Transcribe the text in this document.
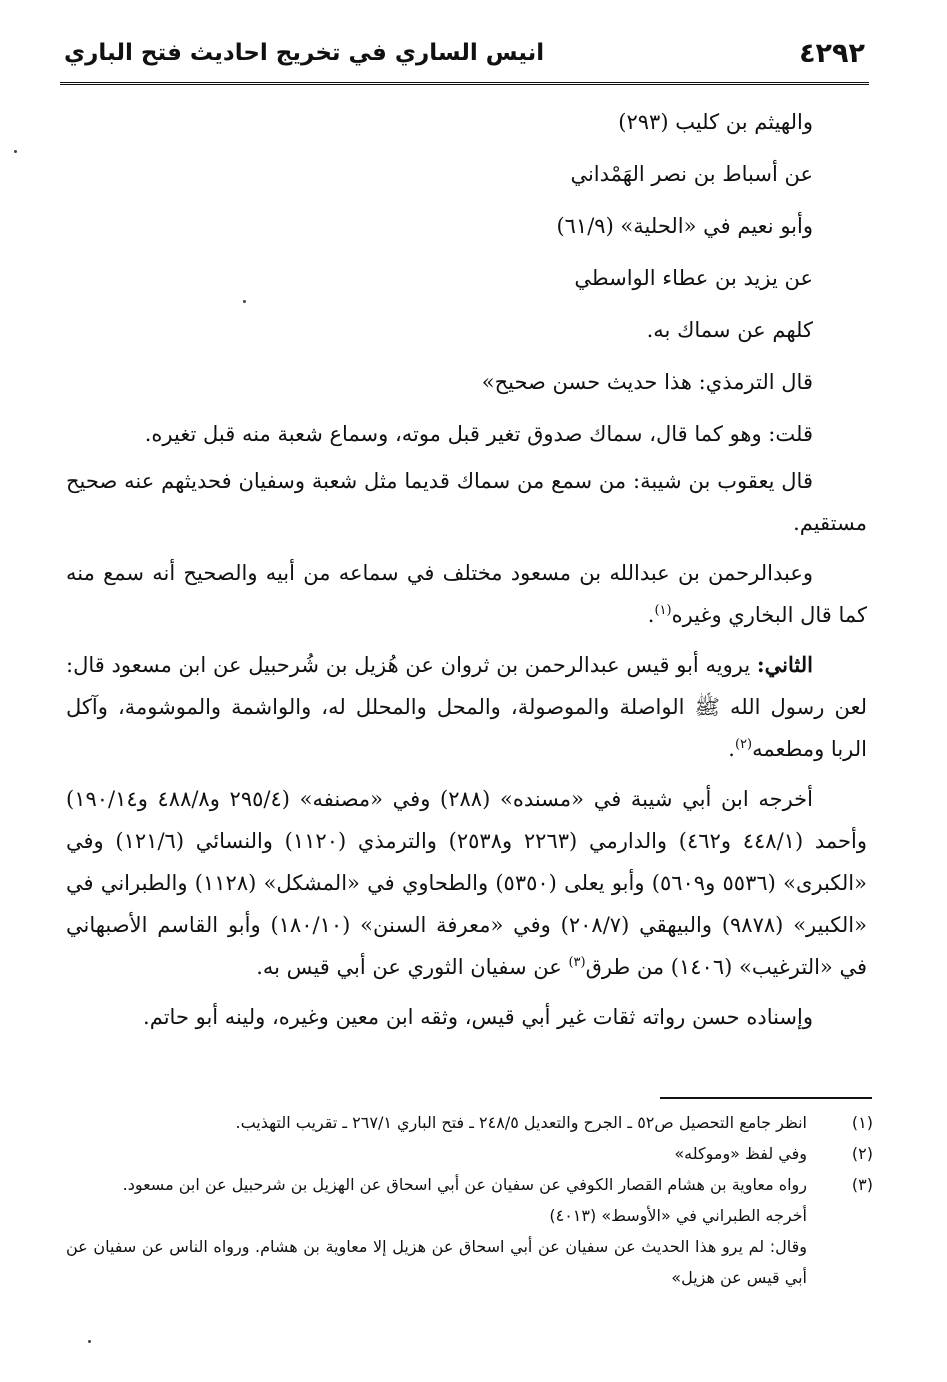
٤٢٩٢
انيس الساري في تخريج احاديث فتح الباري
والهيثم بن كليب (٢٩٣)
عن أسباط بن نصر الهَمْداني
وأبو نعيم في «الحلية» (٦١/٩)
عن يزيد بن عطاء الواسطي
كلهم عن سماك به.
قال الترمذي: هذا حديث حسن صحيح»
قلت: وهو كما قال، سماك صدوق تغير قبل موته، وسماع شعبة منه قبل تغيره.

قال يعقوب بن شيبة: من سمع من سماك قديما مثل شعبة وسفيان فحديثهم عنه صحيح مستقيم.

وعبدالرحمن بن عبدالله بن مسعود مختلف في سماعه من أبيه والصحيح أنه سمع منه كما قال البخاري وغيره$^{(١)}$.

الثاني: يرويه أبو قيس عبدالرحمن بن ثروان عن هُزيل بن شُرحبيل عن ابن مسعود قال: لعن رسول الله ﷺ الواصلة والموصولة، والمحل والمحلل له، والواشمة والموشومة، وآكل الربا ومطعمه$^{(٢)}$.

أخرجه ابن أبي شيبة في «مسنده» (٢٨٨) وفي «مصنفه» (٢٩٥/٤ و٤٨٨/٨ و١٩٠/١٤) وأحمد (٤٤٨/١ و٤٦٢) والدارمي (٢٢٦٣ و٢٥٣٨) والترمذي (١١٢٠) والنسائي (١٢١/٦) وفي «الكبرى» (٥٥٣٦ و٥٦٠٩) وأبو يعلى (٥٣٥٠) والطحاوي في «المشكل» (١١٢٨) والطبراني في «الكبير» (٩٨٧٨) والبيهقي (٢٠٨/٧) وفي «معرفة السنن» (١٨٠/١٠) وأبو القاسم الأصبهاني في «الترغيب» (١٤٠٦) من طرق$^{(٣)}$ عن سفيان الثوري عن أبي قيس به.

وإسناده حسن رواته ثقات غير أبي قيس، وثقه ابن معين وغيره، ولينه أبو حاتم.

(١)
انظر جامع التحصيل ص٥٢ ـ الجرح والتعديل ٢٤٨/٥ ـ فتح الباري ٢٦٧/١ ـ تقريب التهذيب.
(٢)
وفي لفظ «وموكله»
(٣)
رواه معاوية بن هشام القصار الكوفي عن سفيان عن أبي اسحاق عن الهزيل بن شرحبيل عن ابن مسعود.
أخرجه الطبراني في «الأوسط» (٤٠١٣)
وقال: لم يرو هذا الحديث عن سفيان عن أبي اسحاق عن هزيل إلا معاوية بن هشام. ورواه الناس عن سفيان عن أبي قيس عن هزيل»
